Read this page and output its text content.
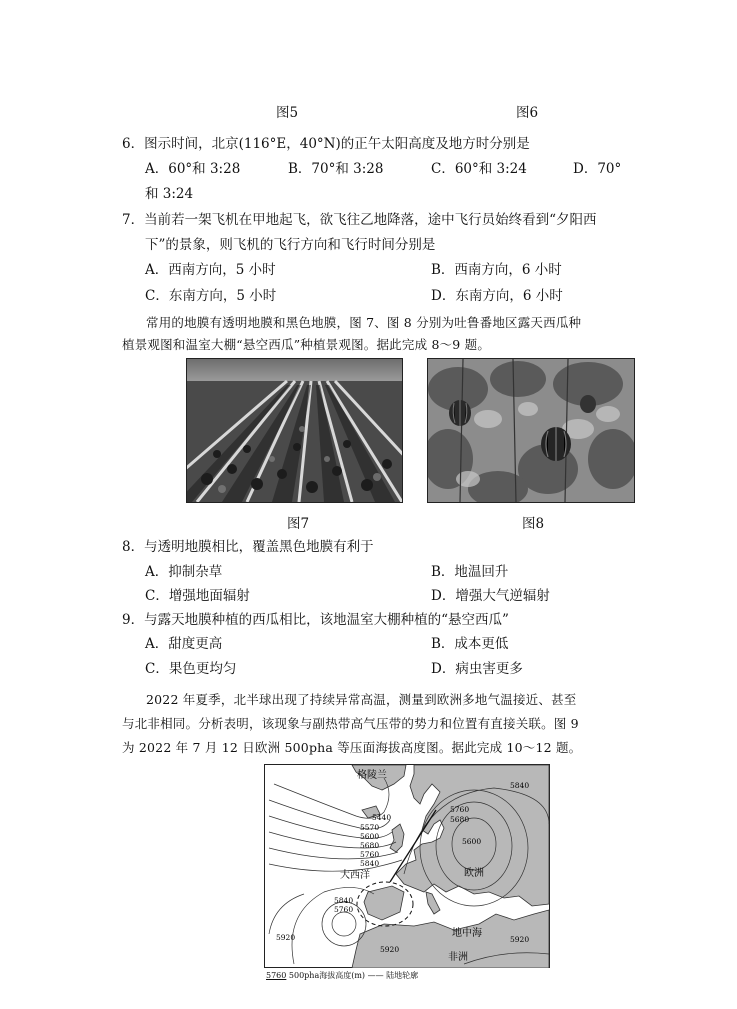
图5	图6
6．图示时间，北京(116°E，40°N)的正午太阳高度及地方时分别是
A．60°和 3:28	B．70°和 3:28	C．60°和 3:24	D．70°
和 3:24
7．当前若一架飞机在甲地起飞，欲飞往乙地降落，途中飞行员始终看到“夕阳西
下”的景象，则飞机的飞行方向和飞行时间分别是
A．西南方向，5 小时	B．西南方向，6 小时
C．东南方向，5 小时	D．东南方向，6 小时
常用的地膜有透明地膜和黑色地膜，图 7、图 8 分别为吐鲁番地区露天西瓜种
植景观图和温室大棚“悬空西瓜”种植景观图。据此完成 8～9 题。
图7	图8
8．与透明地膜相比，覆盖黑色地膜有利于
A．抑制杂草	B．地温回升
C．增强地面辐射	D．增强大气逆辐射
9．与露天地膜种植的西瓜相比，该地温室大棚种植的“悬空西瓜”
A．甜度更高	B．成本更低
C．果色更均匀	D．病虫害更多
2022 年夏季，北半球出现了持续异常高温，测量到欧洲多地气温接近、甚至
与北非相同。分析表明，该现象与副热带高气压带的势力和位置有直接关联。图 9
为 2022 年 7 月 12 日欧洲 500pha 等压面海拔高度图。据此完成 10～12 题。
格陵兰
大西洋	欧洲
地中海
非洲
5840
5440
5570
5600
5680
5760
5840
5760
5680
5600
5840
5760
5920
5920
5920
5760 500pha海拔高度(m) —— 陆地轮廓
